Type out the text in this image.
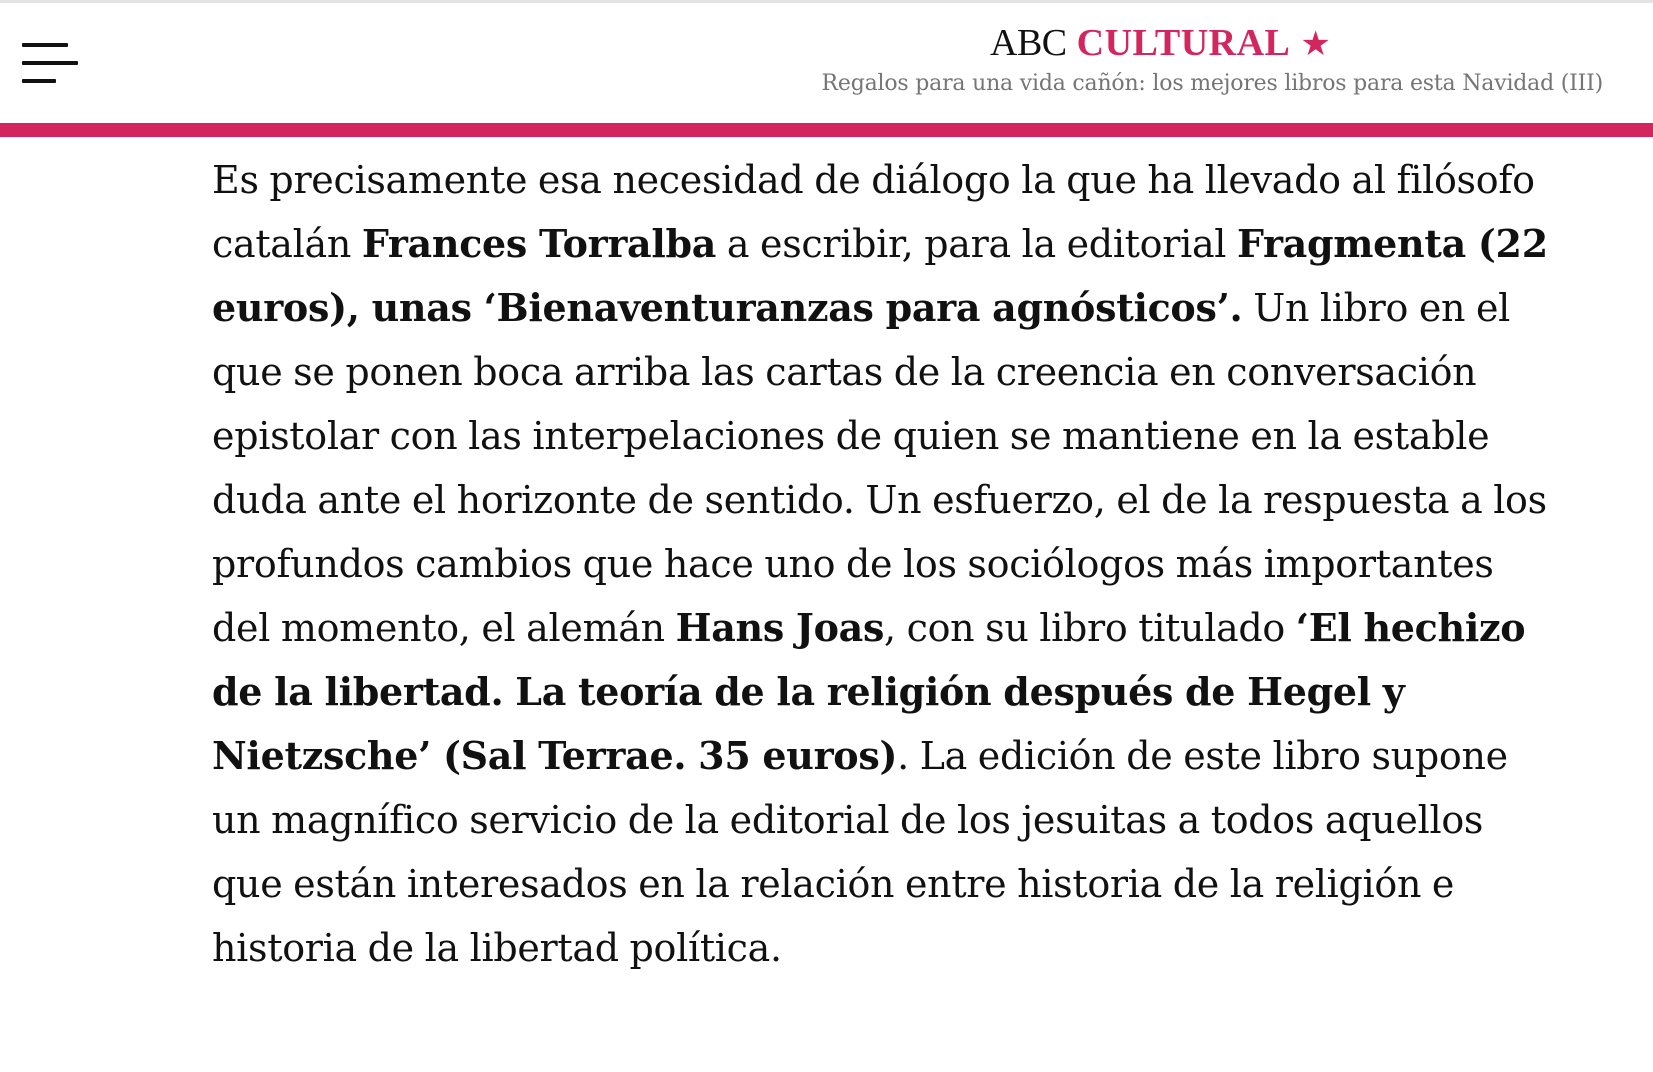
ABC CULTURAL ★
Regalos para una vida cañón: los mejores libros para esta Navidad (III)

Es precisamente esa necesidad de diálogo la que ha llevado al filósofo catalán Frances Torralba a escribir, para la editorial Fragmenta (22 euros), unas ‘Bienaventuranzas para agnósticos’. Un libro en el que se ponen boca arriba las cartas de la creencia en conversación epistolar con las interpelaciones de quien se mantiene en la estable duda ante el horizonte de sentido. Un esfuerzo, el de la respuesta a los profundos cambios que hace uno de los sociólogos más importantes del momento, el alemán Hans Joas, con su libro titulado ‘El hechizo de la libertad. La teoría de la religión después de Hegel y Nietzsche’ (Sal Terrae. 35 euros). La edición de este libro supone un magnífico servicio de la editorial de los jesuitas a todos aquellos que están interesados en la relación entre historia de la religión e historia de la libertad política.
